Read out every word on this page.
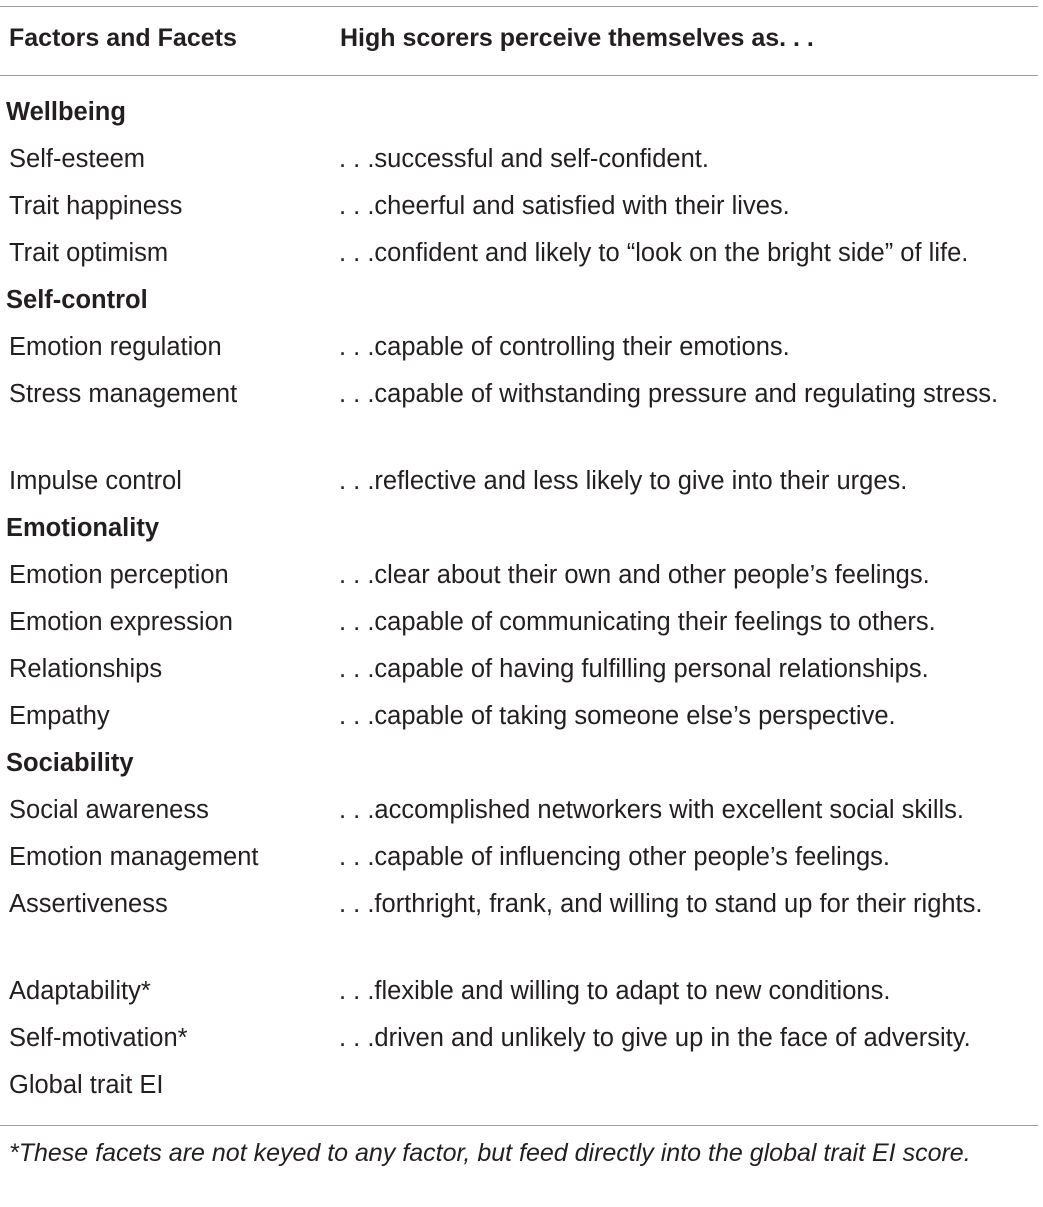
Factors and Facets	High scorers perceive themselves as. . .
Wellbeing
Self-esteem	. . .successful and self-confident.
Trait happiness	. . .cheerful and satisfied with their lives.
Trait optimism	. . .confident and likely to “look on the bright side” of life.
Self-control
Emotion regulation	. . .capable of controlling their emotions.
Stress management	. . .capable of withstanding pressure and regulating stress.
Impulse control	. . .reflective and less likely to give into their urges.
Emotionality
Emotion perception	. . .clear about their own and other people’s feelings.
Emotion expression	. . .capable of communicating their feelings to others.
Relationships	. . .capable of having fulfilling personal relationships.
Empathy	. . .capable of taking someone else’s perspective.
Sociability
Social awareness	. . .accomplished networkers with excellent social skills.
Emotion management	. . .capable of influencing other people’s feelings.
Assertiveness	. . .forthright, frank, and willing to stand up for their rights.
Adaptability*	. . .flexible and willing to adapt to new conditions.
Self-motivation*	. . .driven and unlikely to give up in the face of adversity.
Global trait EI
*These facets are not keyed to any factor, but feed directly into the global trait EI score.
